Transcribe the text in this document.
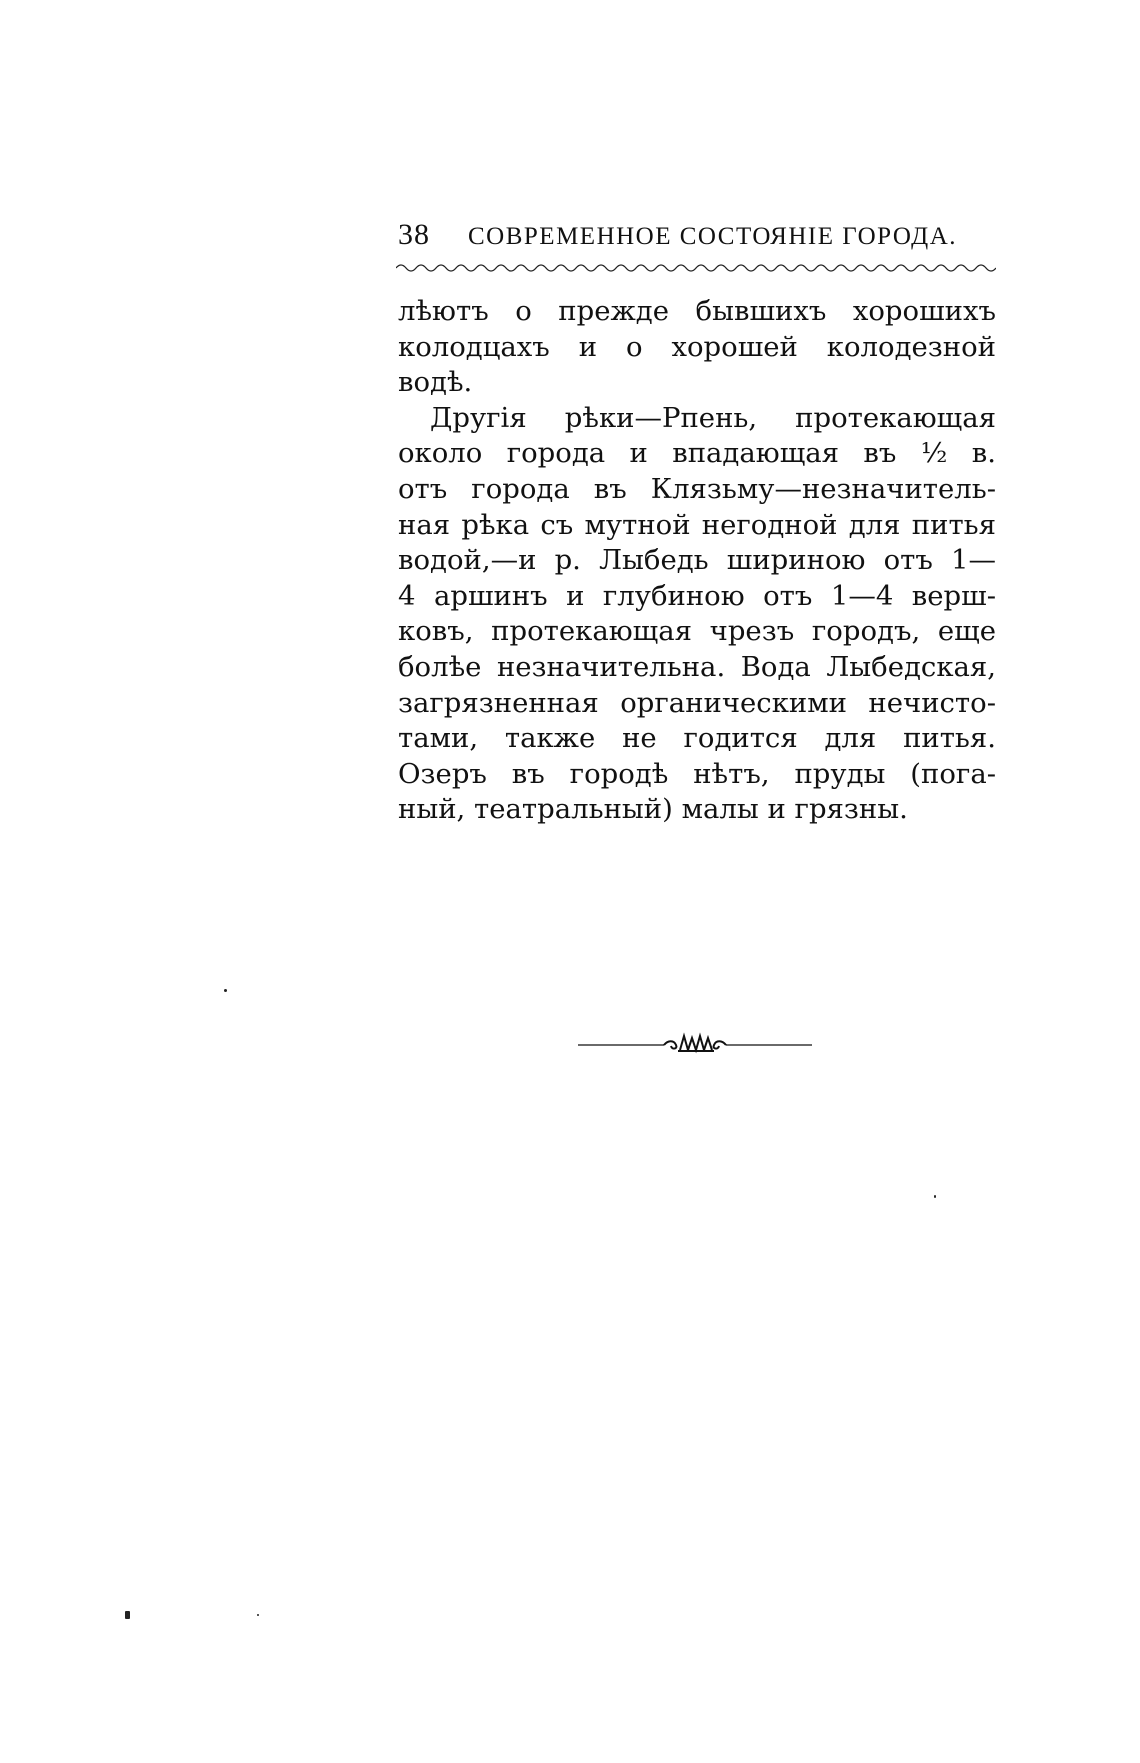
38 СОВРЕМЕННОЕ СОСТОЯНІЕ ГОРОДА.
лѣютъ о прежде бывшихъ хорошихъ
колодцахъ и о хорошей колодезной
водѣ.
Другія рѣки—Рпень, протекающая
около города и впадающая въ ½ в.
отъ города въ Клязьму—незначитель-
ная рѣка съ мутной негодной для питья
водой,—и р. Лыбедь шириною отъ 1—
4 аршинъ и глубиною отъ 1—4 верш-
ковъ, протекающая чрезъ городъ, еще
болѣе незначительна. Вода Лыбедская,
загрязненная органическими нечисто-
тами, также не годится для питья.
Озеръ въ городѣ нѣтъ, пруды (пога-
ный, театральный) малы и грязны.
